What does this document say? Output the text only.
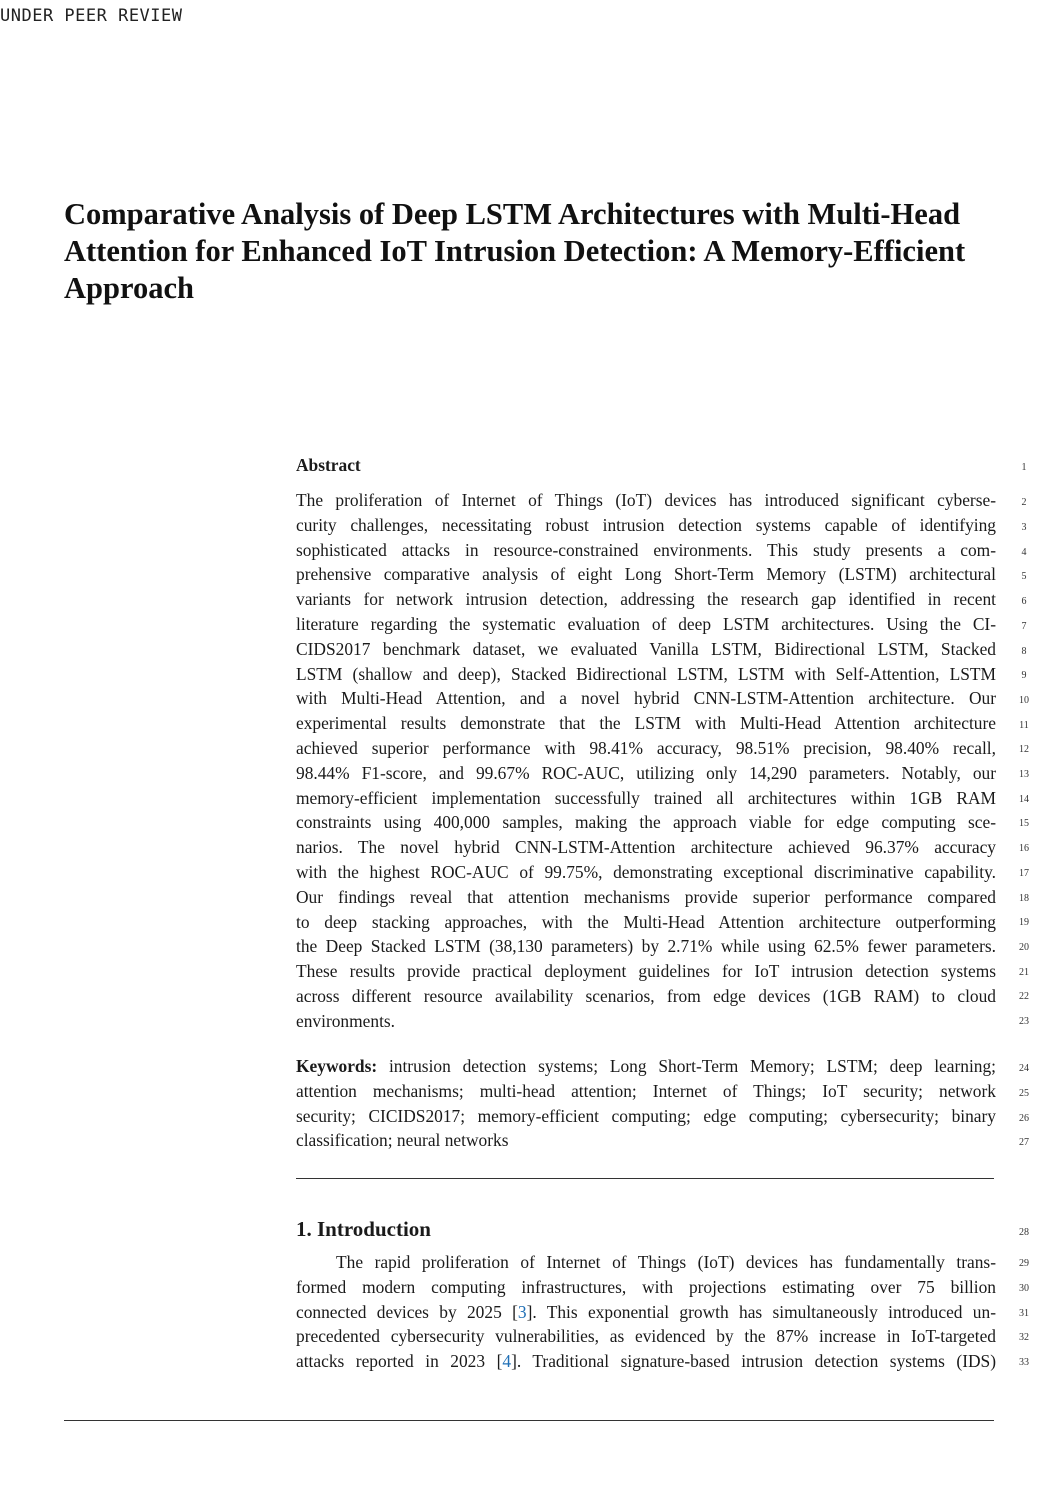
UNDER PEER REVIEW
Comparative Analysis of Deep LSTM Architectures with Multi-Head Attention for Enhanced IoT Intrusion Detection: A Memory-Efficient Approach
Abstract
The proliferation of Internet of Things (IoT) devices has introduced significant cyberse-
curity challenges, necessitating robust intrusion detection systems capable of identifying
sophisticated attacks in resource-constrained environments. This study presents a com-
prehensive comparative analysis of eight Long Short-Term Memory (LSTM) architectural
variants for network intrusion detection, addressing the research gap identified in recent
literature regarding the systematic evaluation of deep LSTM architectures. Using the CI-
CIDS2017 benchmark dataset, we evaluated Vanilla LSTM, Bidirectional LSTM, Stacked
LSTM (shallow and deep), Stacked Bidirectional LSTM, LSTM with Self-Attention, LSTM
with Multi-Head Attention, and a novel hybrid CNN-LSTM-Attention architecture. Our
experimental results demonstrate that the LSTM with Multi-Head Attention architecture
achieved superior performance with 98.41% accuracy, 98.51% precision, 98.40% recall,
98.44% F1-score, and 99.67% ROC-AUC, utilizing only 14,290 parameters. Notably, our
memory-efficient implementation successfully trained all architectures within 1GB RAM
constraints using 400,000 samples, making the approach viable for edge computing sce-
narios. The novel hybrid CNN-LSTM-Attention architecture achieved 96.37% accuracy
with the highest ROC-AUC of 99.75%, demonstrating exceptional discriminative capability.
Our findings reveal that attention mechanisms provide superior performance compared
to deep stacking approaches, with the Multi-Head Attention architecture outperforming
the Deep Stacked LSTM (38,130 parameters) by 2.71% while using 62.5% fewer parameters.
These results provide practical deployment guidelines for IoT intrusion detection systems
across different resource availability scenarios, from edge devices (1GB RAM) to cloud
environments.
Keywords: intrusion detection systems; Long Short-Term Memory; LSTM; deep learning;
attention mechanisms; multi-head attention; Internet of Things; IoT security; network
security; CICIDS2017; memory-efficient computing; edge computing; cybersecurity; binary
classification; neural networks
1. Introduction
The rapid proliferation of Internet of Things (IoT) devices has fundamentally trans-
formed modern computing infrastructures, with projections estimating over 75 billion
connected devices by 2025 [3]. This exponential growth has simultaneously introduced un-
precedented cybersecurity vulnerabilities, as evidenced by the 87% increase in IoT-targeted
attacks reported in 2023 [4]. Traditional signature-based intrusion detection systems (IDS)
1
2
3
4
5
6
7
8
9
10
11
12
13
14
15
16
17
18
19
20
21
22
23
24
25
26
27
28
29
30
31
32
33
